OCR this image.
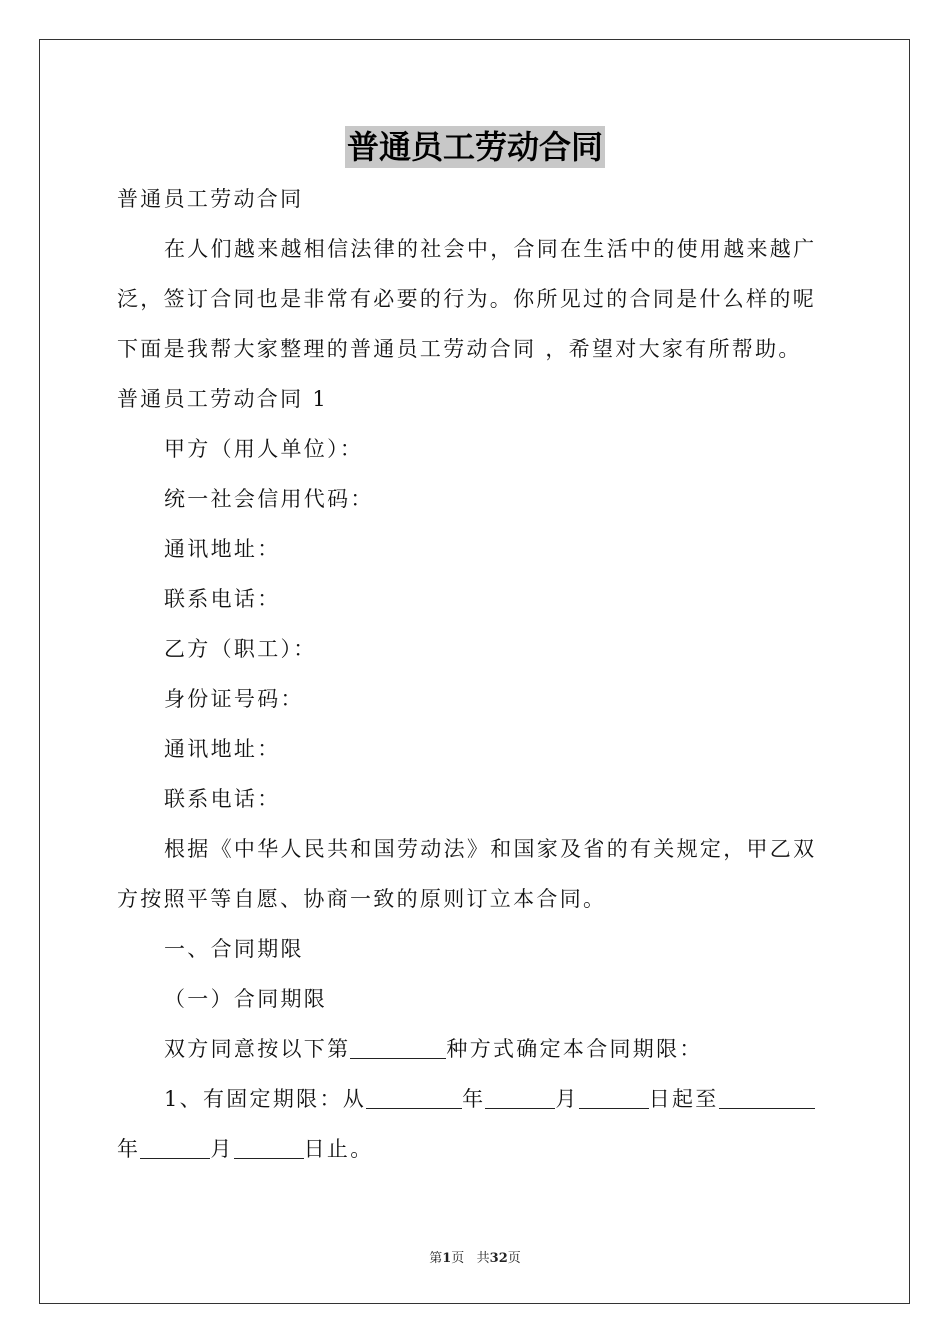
普通员工劳动合同
普通员工劳动合同
在人们越来越相信法律的社会中，合同在生活中的使用越来越广
泛，签订合同也是非常有必要的行为。你所见过的合同是什么样的呢
下面是我帮大家整理的普通员工劳动合同 ，希望对大家有所帮助。
普通员工劳动合同 1
甲方（用人单位）：
统一社会信用代码：
通讯地址：
联系电话：
乙方（职工）：
身份证号码：
通讯地址：
联系电话：
根据《中华人民共和国劳动法》和国家及省的有关规定，甲乙双
方按照平等自愿、协商一致的原则订立本合同。
一、合同期限
（一）合同期限
双方同意按以下第	种方式确定本合同期限：
1、有固定期限：从	年	月	日起至
年	月	日止。
第1页   共32页
